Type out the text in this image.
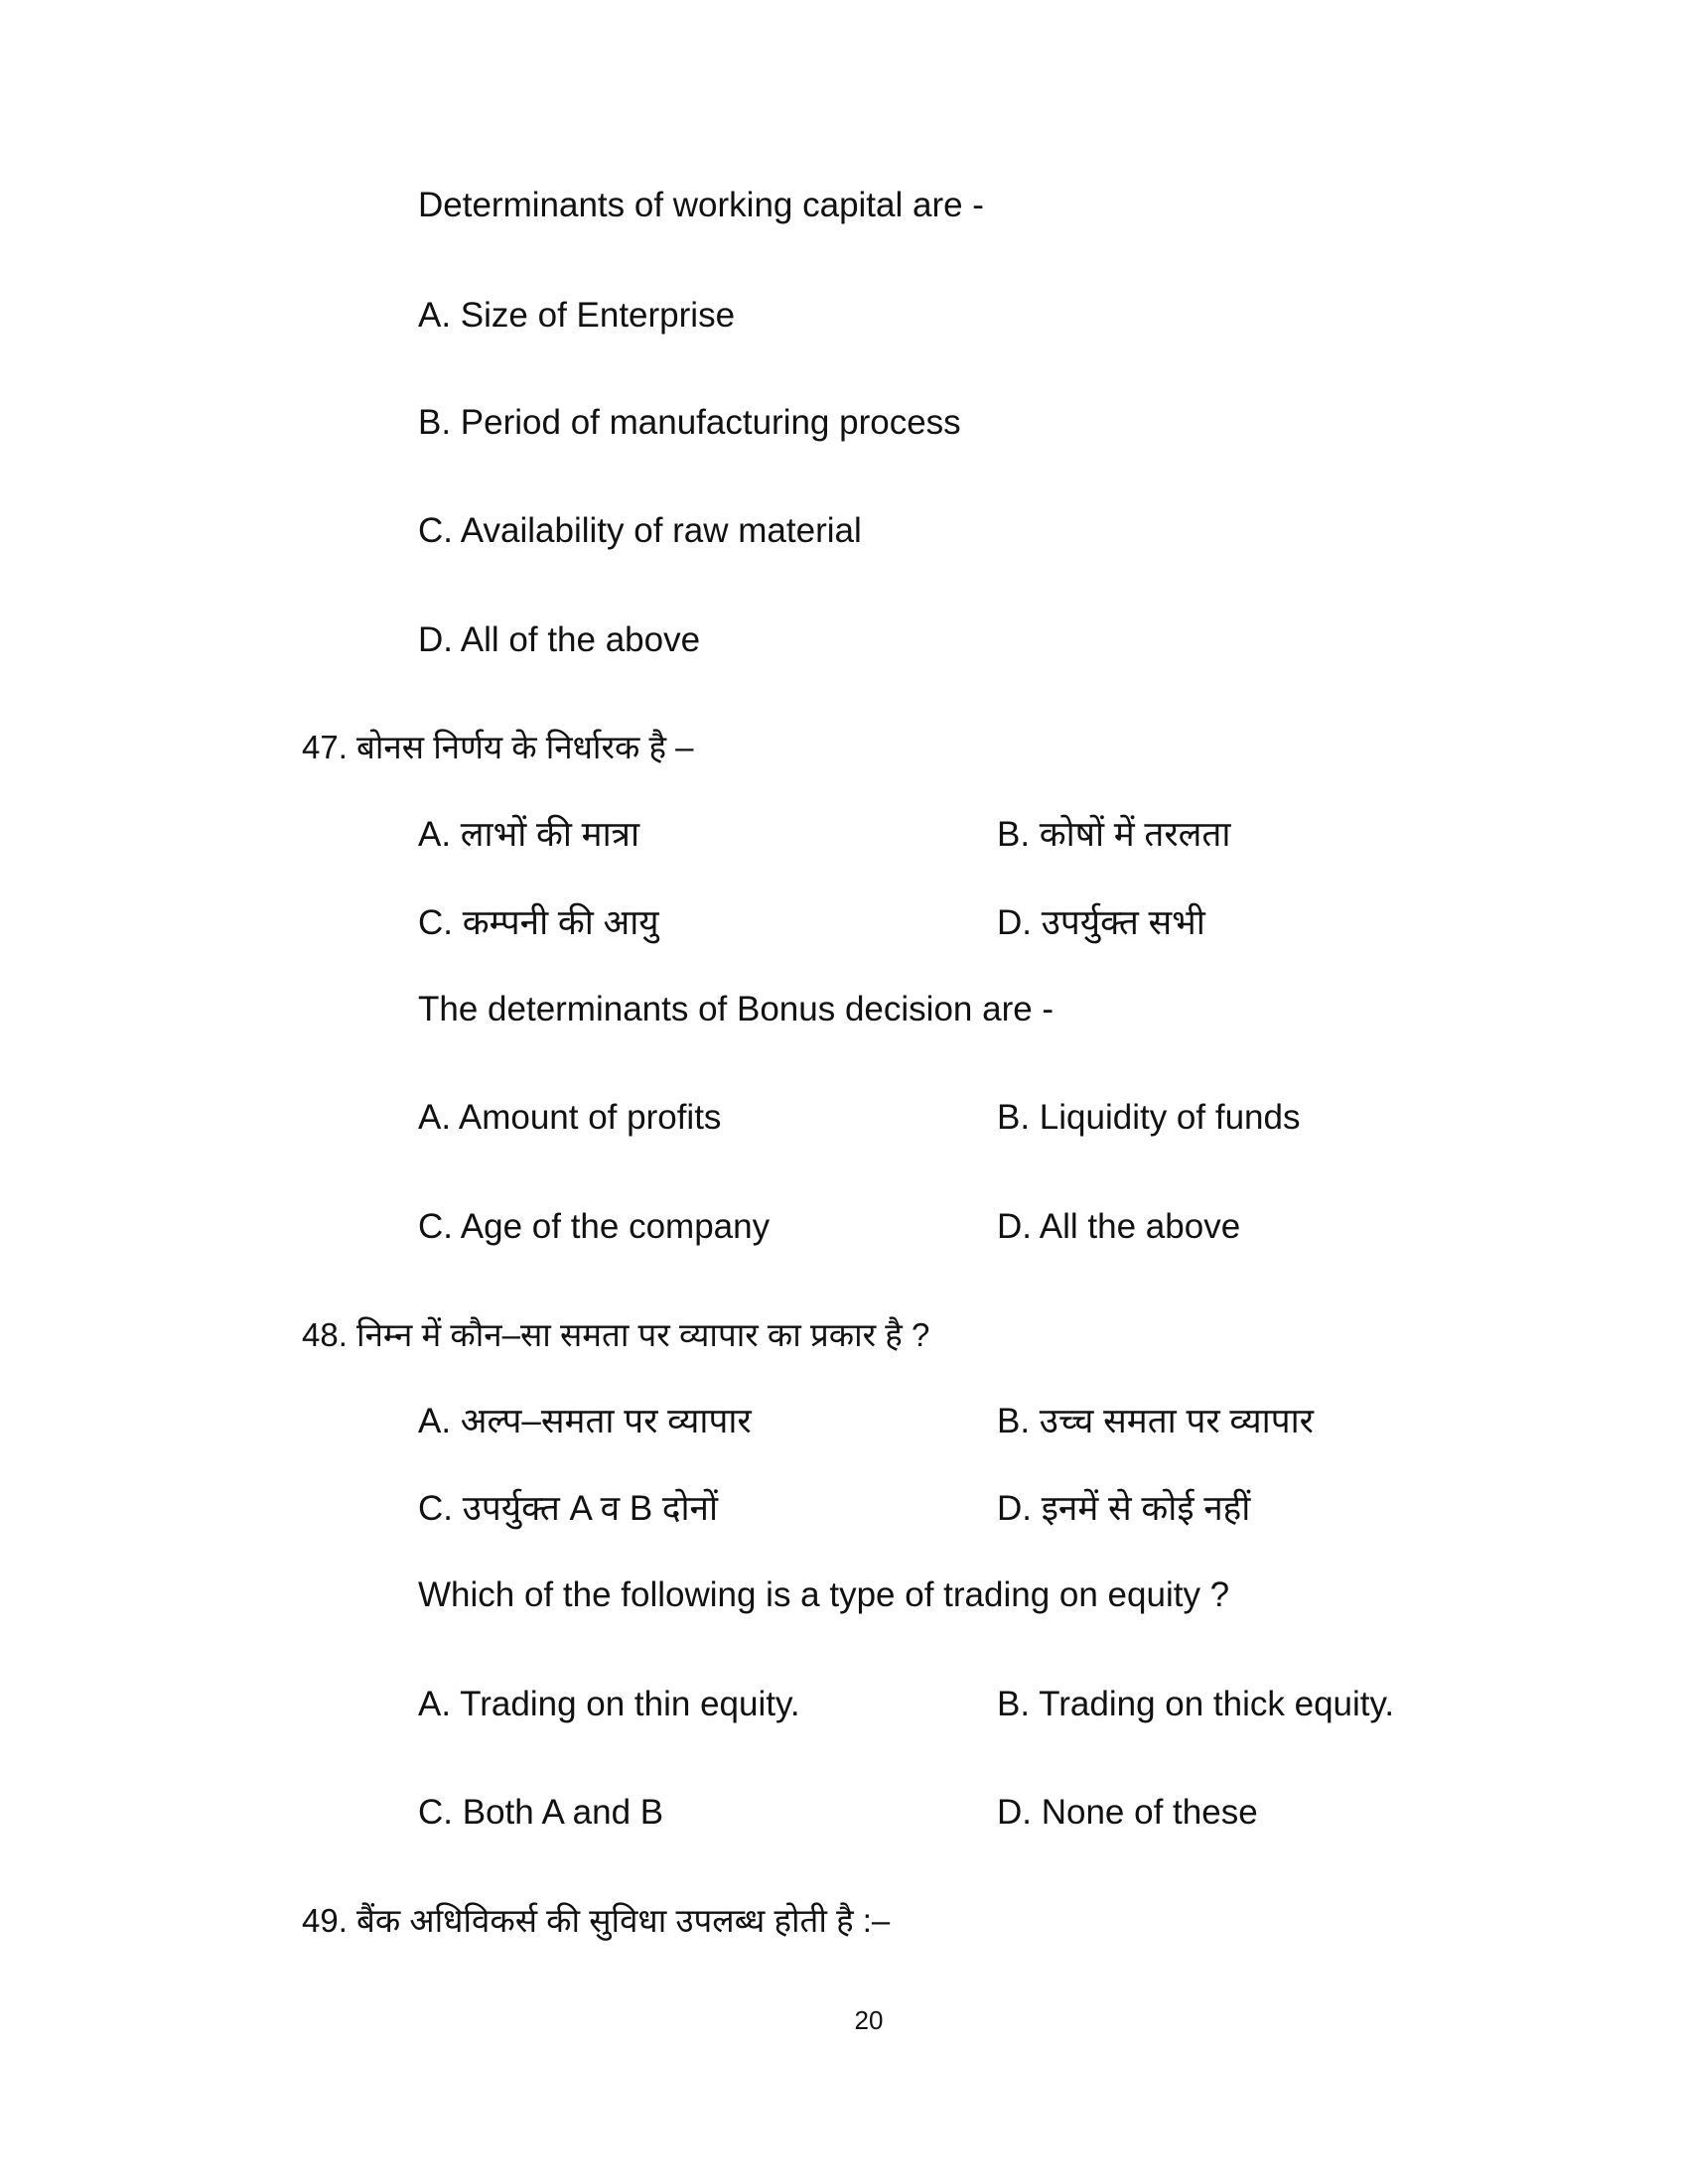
Determinants of working capital are -
A. Size of Enterprise
B. Period of manufacturing process
C. Availability of raw material
D. All of the above
47. बोनस निर्णय के निर्धारक है –
A. लाभों की मात्रा	B. कोषों में तरलता
C. कम्पनी की आयु	D. उपर्युक्त सभी
The determinants of Bonus decision are -
A. Amount of profits	B. Liquidity of funds
C. Age of the company	D. All the above
48. निम्न में कौन–सा समता पर व्यापार का प्रकार है ?
A. अल्प–समता पर व्यापार	B. उच्च समता पर व्यापार
C. उपर्युक्त A व B दोनों	D. इनमें से कोई नहीं
Which of the following is a type of trading on equity ?
A. Trading on thin equity.	B. Trading on thick equity.
C. Both A and B	D. None of these
49. बैंक अधिविकर्स की सुविधा उपलब्ध होती है :–
20
